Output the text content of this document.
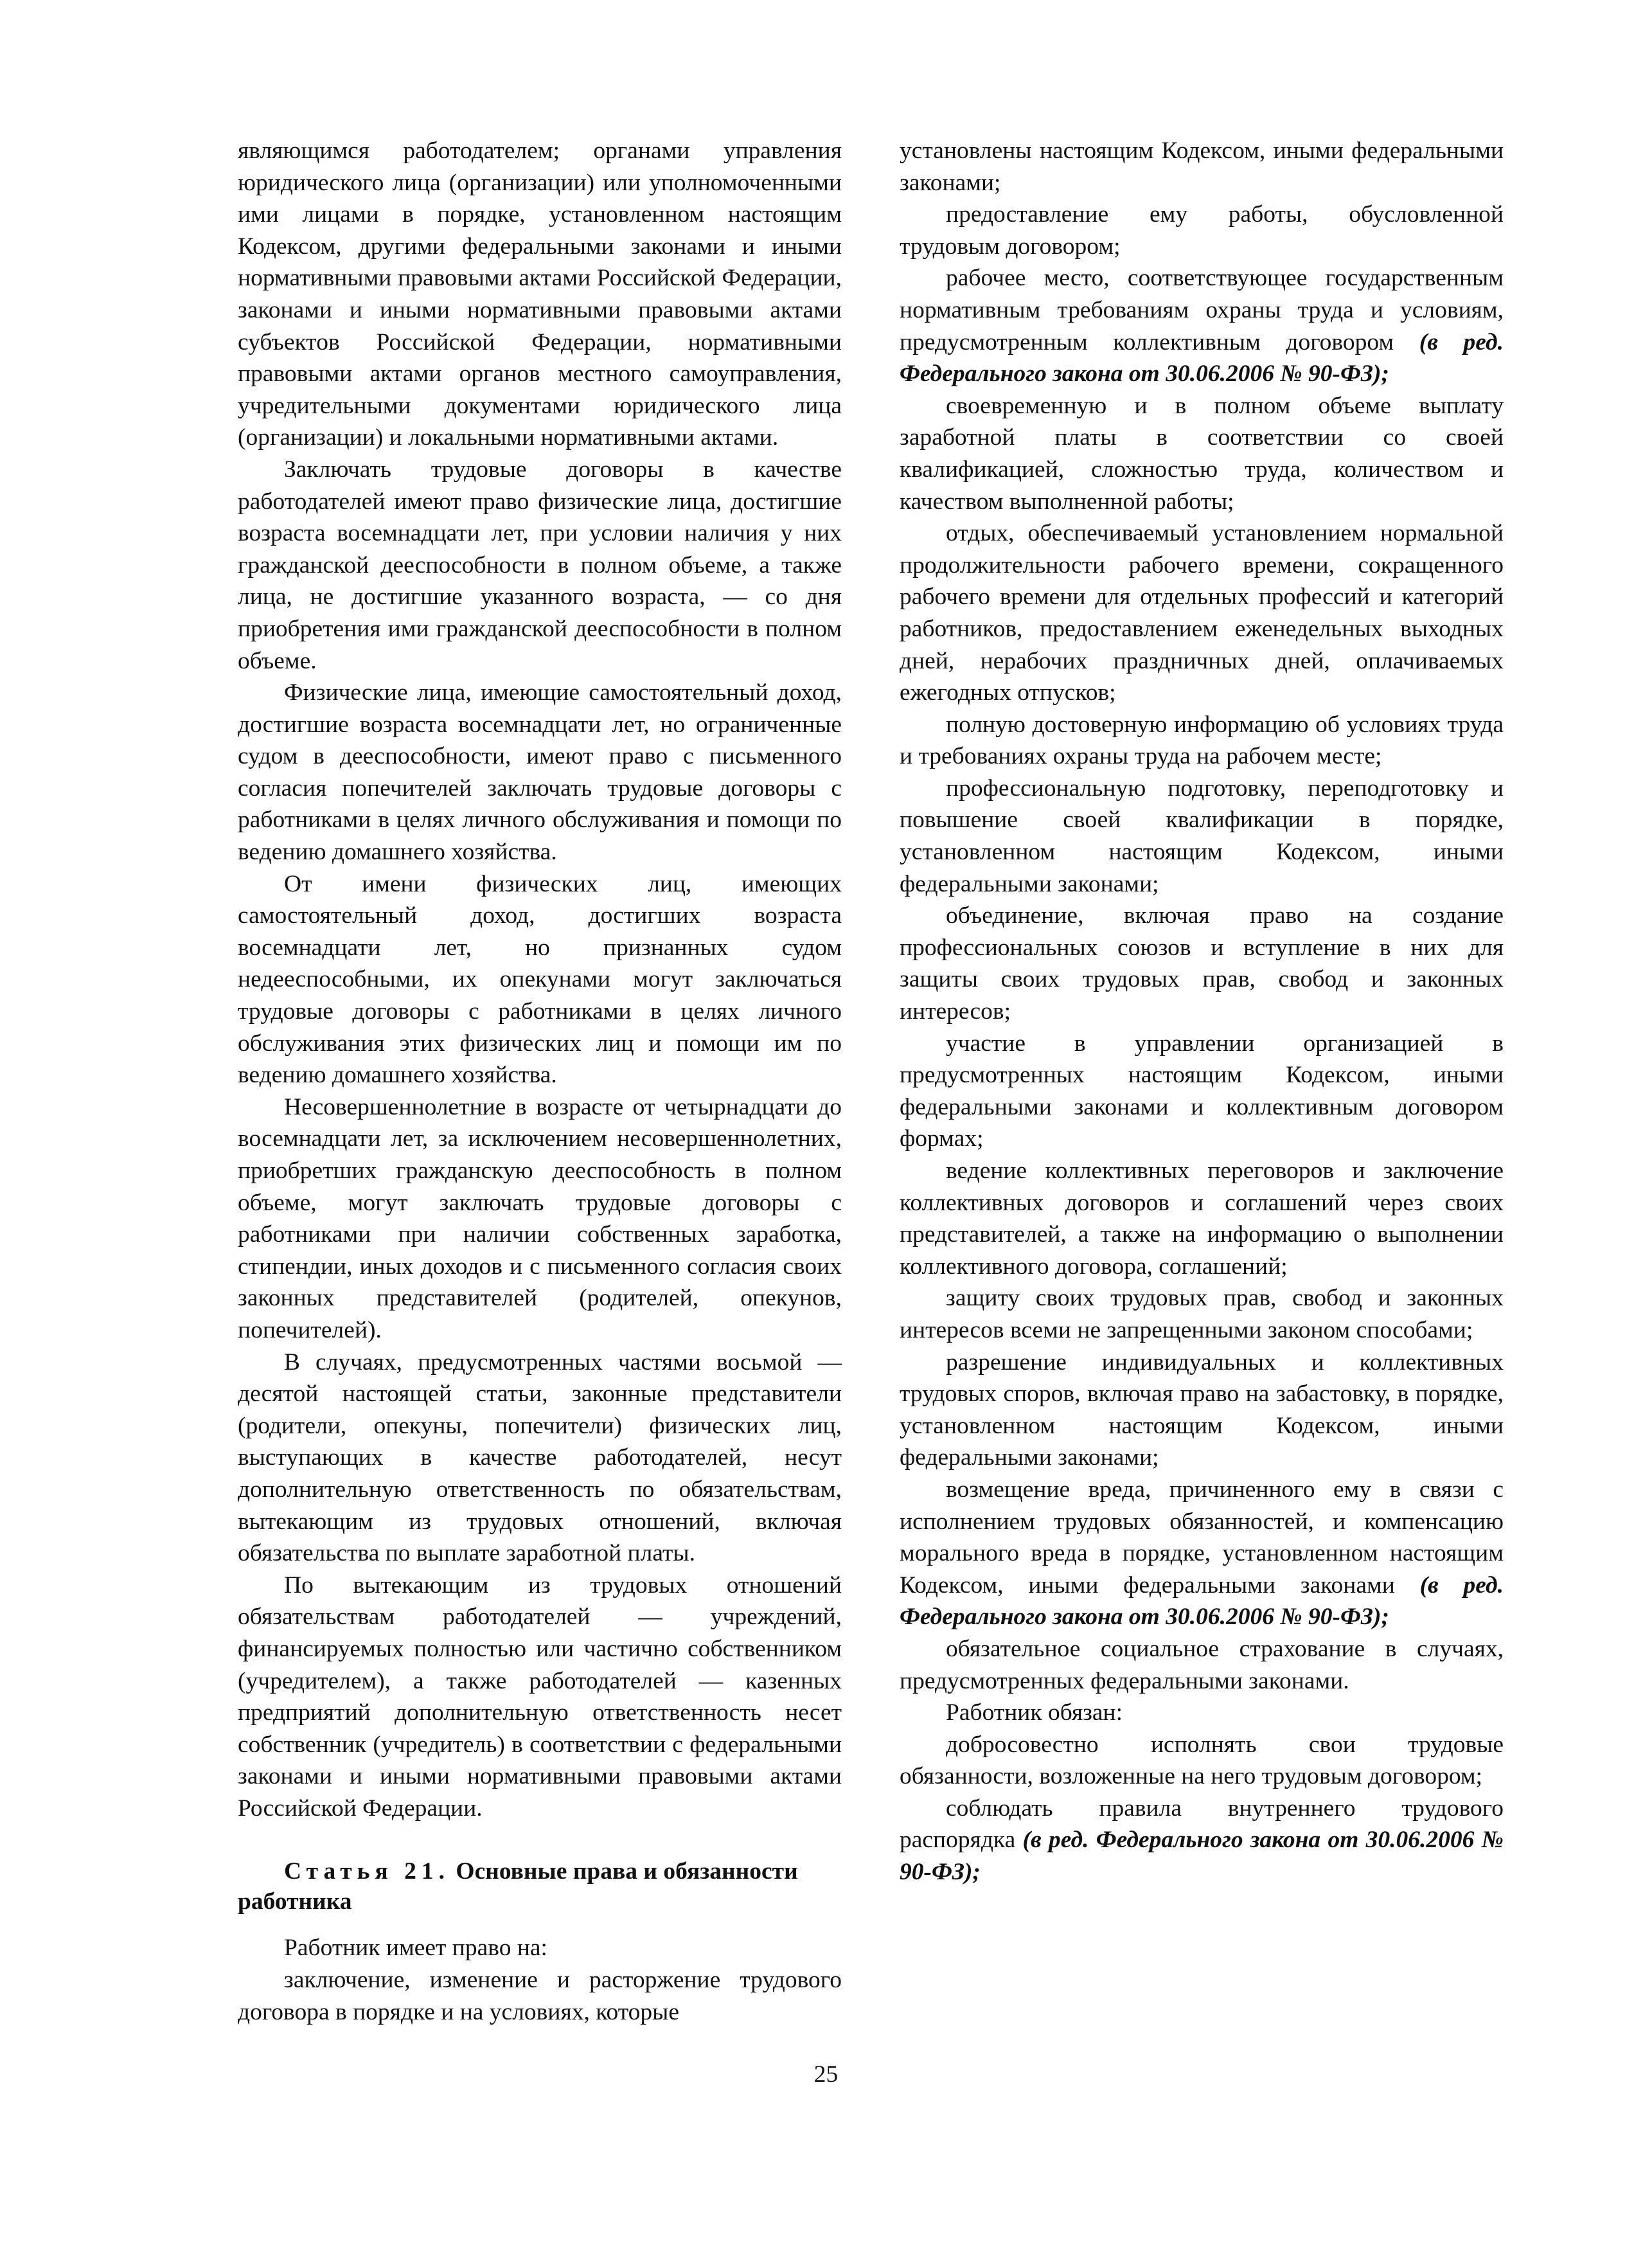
являющимся работодателем; органами управления юридического лица (организации) или уполномоченными ими лицами в порядке, установленном настоящим Кодексом, другими федеральными законами и иными нормативными правовыми актами Российской Федерации, законами и иными нормативными правовыми актами субъектов Российской Федерации, нормативными правовыми актами органов местного самоуправления, учредительными документами юридического лица (организации) и локальными нормативными актами.

Заключать трудовые договоры в качестве работодателей имеют право физические лица, достигшие возраста восемнадцати лет, при условии наличия у них гражданской дееспособности в полном объеме, а также лица, не достигшие указанного возраста, — со дня приобретения ими гражданской дееспособности в полном объеме.

Физические лица, имеющие самостоятельный доход, достигшие возраста восемнадцати лет, но ограниченные судом в дееспособности, имеют право с письменного согласия попечителей заключать трудовые договоры с работниками в целях личного обслуживания и помощи по ведению домашнего хозяйства.

От имени физических лиц, имеющих самостоятельный доход, достигших возраста восемнадцати лет, но признанных судом недееспособными, их опекунами могут заключаться трудовые договоры с работниками в целях личного обслуживания этих физических лиц и помощи им по ведению домашнего хозяйства.

Несовершеннолетние в возрасте от четырнадцати до восемнадцати лет, за исключением несовершеннолетних, приобретших гражданскую дееспособность в полном объеме, могут заключать трудовые договоры с работниками при наличии собственных заработка, стипендии, иных доходов и с письменного согласия своих законных представителей (родителей, опекунов, попечителей).

В случаях, предусмотренных частями восьмой — десятой настоящей статьи, законные представители (родители, опекуны, попечители) физических лиц, выступающих в качестве работодателей, несут дополнительную ответственность по обязательствам, вытекающим из трудовых отношений, включая обязательства по выплате заработной платы.

По вытекающим из трудовых отношений обязательствам работодателей — учреждений, финансируемых полностью или частично собственником (учредителем), а также работодателей — казенных предприятий дополнительную ответственность несет собственник (учредитель) в соответствии с федеральными законами и иными нормативными правовыми актами Российской Федерации.

Статья 21. Основные права и обязанности работника

Работник имеет право на:

заключение, изменение и расторжение трудового договора в порядке и на условиях, которые

установлены настоящим Кодексом, иными федеральными законами;

предоставление ему работы, обусловленной трудовым договором;

рабочее место, соответствующее государственным нормативным требованиям охраны труда и условиям, предусмотренным коллективным договором (в ред. Федерального закона от 30.06.2006 № 90-ФЗ);

своевременную и в полном объеме выплату заработной платы в соответствии со своей квалификацией, сложностью труда, количеством и качеством выполненной работы;

отдых, обеспечиваемый установлением нормальной продолжительности рабочего времени, сокращенного рабочего времени для отдельных профессий и категорий работников, предоставлением еженедельных выходных дней, нерабочих праздничных дней, оплачиваемых ежегодных отпусков;

полную достоверную информацию об условиях труда и требованиях охраны труда на рабочем месте;

профессиональную подготовку, переподготовку и повышение своей квалификации в порядке, установленном настоящим Кодексом, иными федеральными законами;

объединение, включая право на создание профессиональных союзов и вступление в них для защиты своих трудовых прав, свобод и законных интересов;

участие в управлении организацией в предусмотренных настоящим Кодексом, иными федеральными законами и коллективным договором формах;

ведение коллективных переговоров и заключение коллективных договоров и соглашений через своих представителей, а также на информацию о выполнении коллективного договора, соглашений;

защиту своих трудовых прав, свобод и законных интересов всеми не запрещенными законом способами;

разрешение индивидуальных и коллективных трудовых споров, включая право на забастовку, в порядке, установленном настоящим Кодексом, иными федеральными законами;

возмещение вреда, причиненного ему в связи с исполнением трудовых обязанностей, и компенсацию морального вреда в порядке, установленном настоящим Кодексом, иными федеральными законами (в ред. Федерального закона от 30.06.2006 № 90-ФЗ);

обязательное социальное страхование в случаях, предусмотренных федеральными законами.

Работник обязан:

добросовестно исполнять свои трудовые обязанности, возложенные на него трудовым договором;

соблюдать правила внутреннего трудового распорядка (в ред. Федерального закона от 30.06.2006 № 90-ФЗ);

25
